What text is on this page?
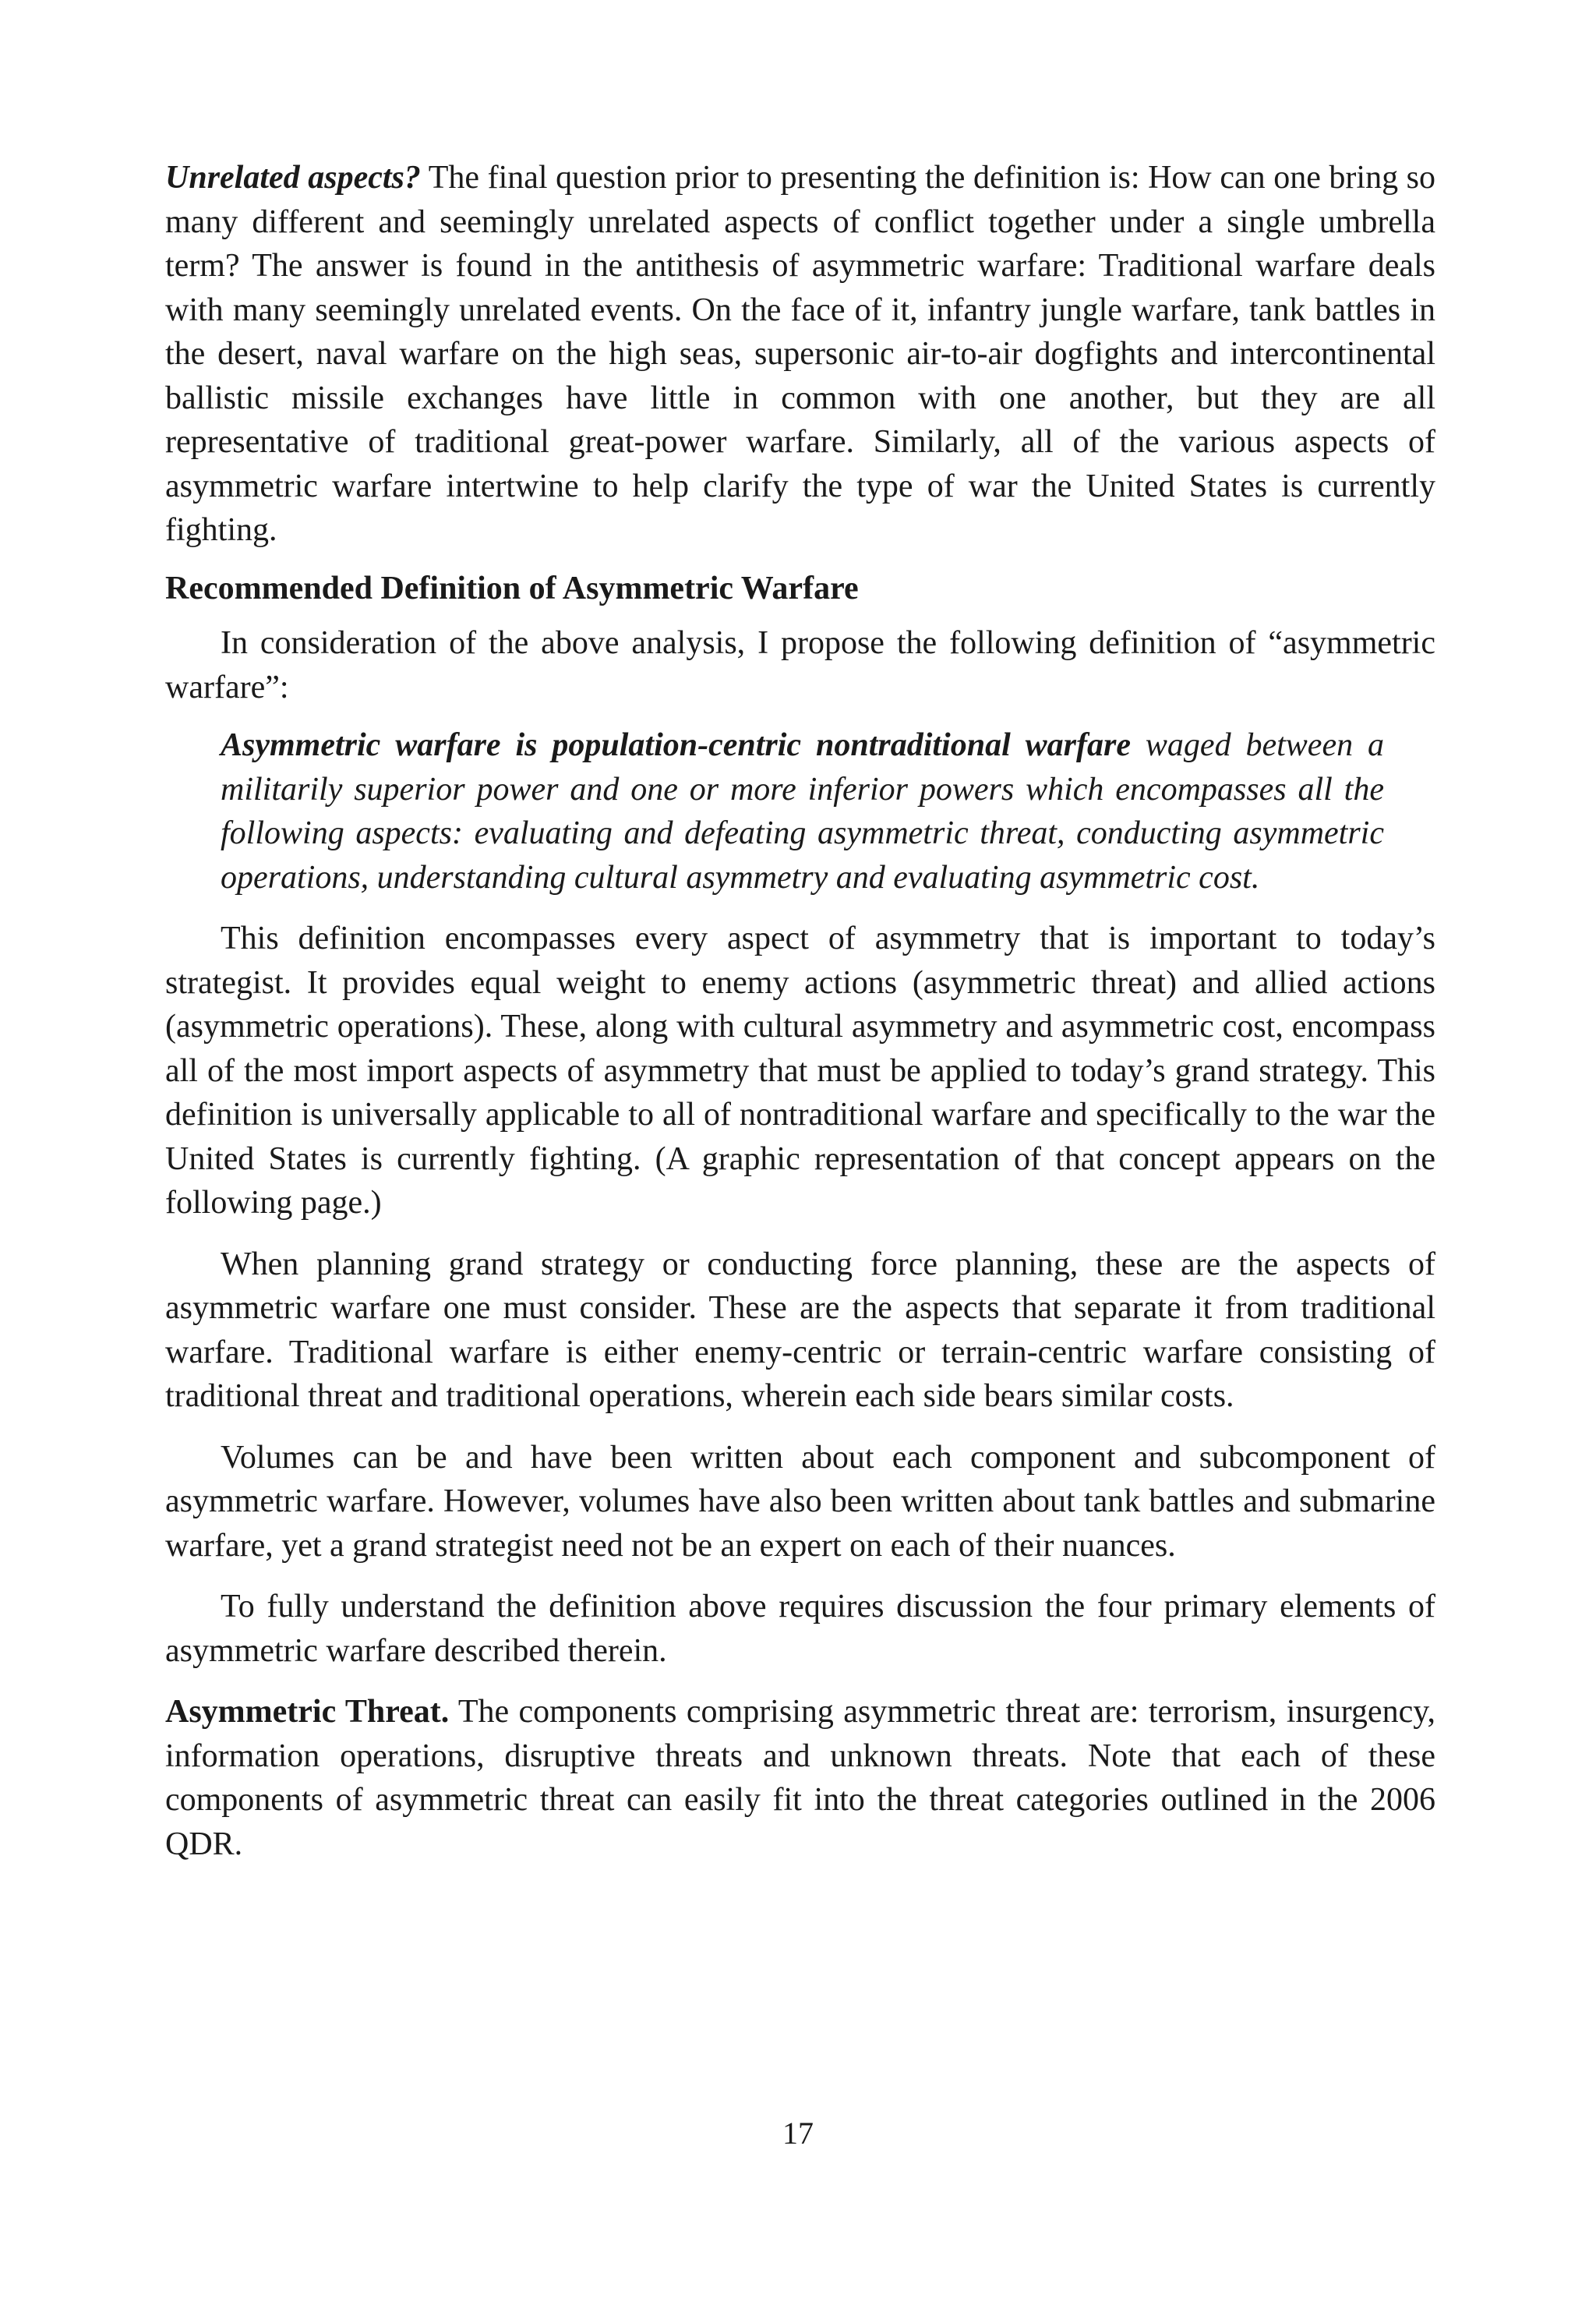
Unrelated aspects? The final question prior to presenting the definition is: How can one bring so many different and seemingly unrelated aspects of conflict together under a single umbrella term? The answer is found in the antithesis of asymmetric warfare: Traditional warfare deals with many seemingly unrelated events. On the face of it, infantry jungle warfare, tank battles in the desert, naval warfare on the high seas, supersonic air-to-air dogfights and intercontinental ballistic missile exchanges have little in common with one another, but they are all representative of traditional great-power warfare. Similarly, all of the various aspects of asymmetric warfare intertwine to help clarify the type of war the United States is currently fighting.

Recommended Definition of Asymmetric Warfare

In consideration of the above analysis, I propose the following definition of “asymmetric warfare”:

Asymmetric warfare is population-centric nontraditional warfare waged between a militarily superior power and one or more inferior powers which encompasses all the following aspects: evaluating and defeating asymmetric threat, conducting asymmetric operations, understanding cultural asymmetry and evaluating asymmetric cost.

This definition encompasses every aspect of asymmetry that is important to today’s strategist. It provides equal weight to enemy actions (asymmetric threat) and allied actions (asymmetric operations). These, along with cultural asymmetry and asymmetric cost, encompass all of the most import aspects of asymmetry that must be applied to today’s grand strategy. This definition is universally applicable to all of nontraditional warfare and specifically to the war the United States is currently fighting. (A graphic representation of that concept appears on the following page.)

When planning grand strategy or conducting force planning, these are the aspects of asymmetric warfare one must consider. These are the aspects that separate it from traditional warfare. Traditional warfare is either enemy-centric or terrain-centric warfare consisting of traditional threat and traditional operations, wherein each side bears similar costs.

Volumes can be and have been written about each component and subcomponent of asymmetric warfare. However, volumes have also been written about tank battles and submarine warfare, yet a grand strategist need not be an expert on each of their nuances.

To fully understand the definition above requires discussion the four primary elements of asymmetric warfare described therein.

Asymmetric Threat. The components comprising asymmetric threat are: terrorism, insurgency, information operations, disruptive threats and unknown threats. Note that each of these components of asymmetric threat can easily fit into the threat categories outlined in the 2006 QDR.

17
